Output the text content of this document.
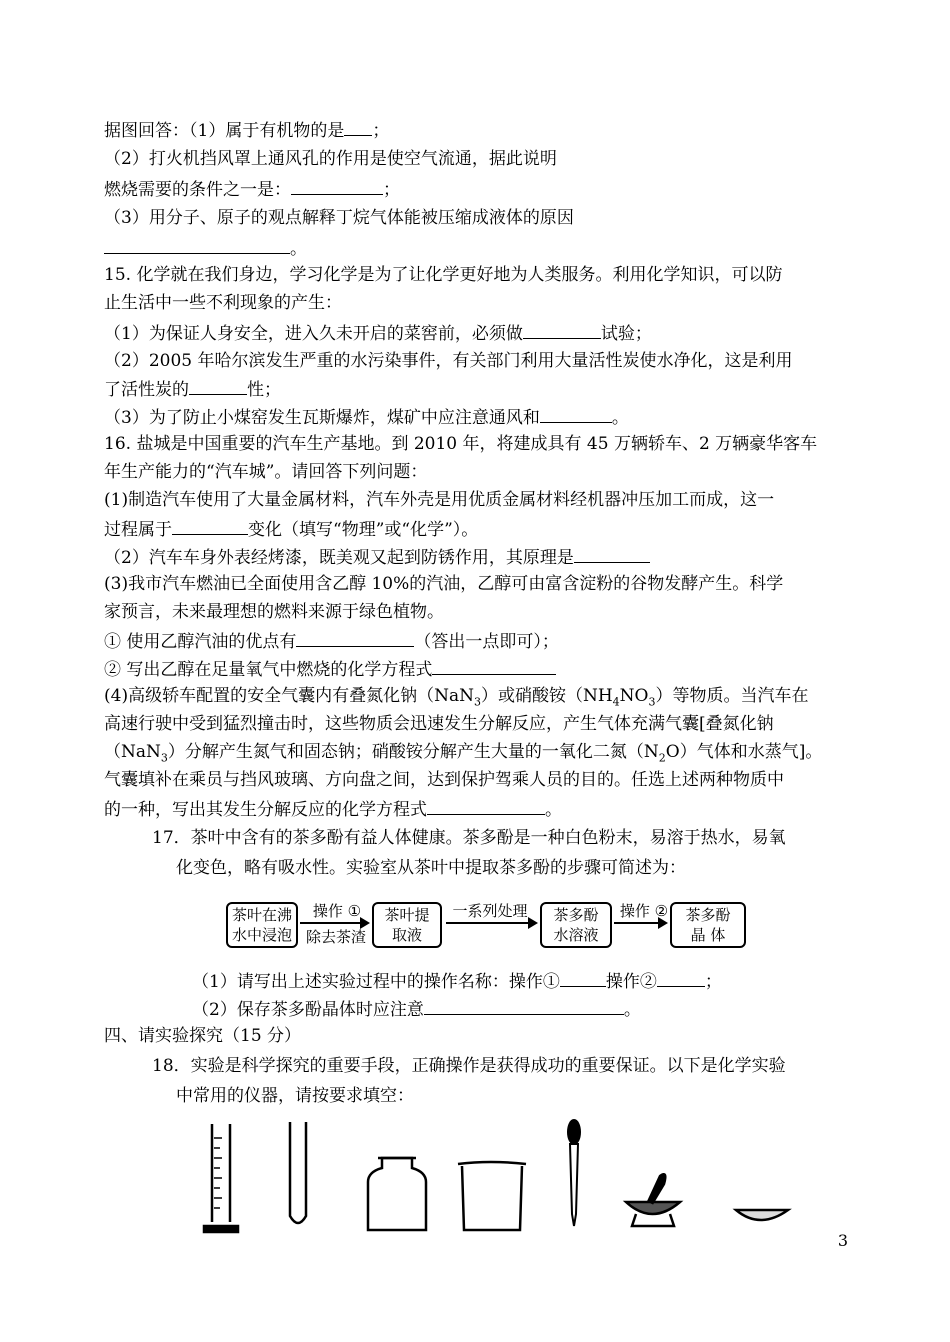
据图回答：（1）属于有机物的是 ；
（2）打火机挡风罩上通风孔的作用是使空气流通，据此说明
燃烧需要的条件之一是：	；
（3）用分子、原子的观点解释丁烷气体能被压缩成液体的原因
。
15. 化学就在我们身边，学习化学是为了让化学更好地为人类服务。利用化学知识，可以防
止生活中一些不利现象的产生：
（1）为保证人身安全，进入久未开启的菜窖前，必须做	试验；
（2）2005 年哈尔滨发生严重的水污染事件，有关部门利用大量活性炭使水净化，这是利用
了活性炭的	性；
（3）为了防止小煤窑发生瓦斯爆炸，煤矿中应注意通风和	。
16. 盐城是中国重要的汽车生产基地。到 2010 年，将建成具有 45 万辆轿车、2 万辆豪华客车
年生产能力的“汽车城”。请回答下列问题：
(1)制造汽车使用了大量金属材料，汽车外壳是用优质金属材料经机器冲压加工而成，这一
过程属于	变化（填写“物理”或“化学”）。
（2）汽车车身外表经烤漆，既美观又起到防锈作用，其原理是
(3)我市汽车燃油已全面使用含乙醇 10%的汽油，乙醇可由富含淀粉的谷物发酵产生。科学
家预言，未来最理想的燃料来源于绿色植物。
① 使用乙醇汽油的优点有	（答出一点即可）；
② 写出乙醇在足量氧气中燃烧的化学方程式
(4)高级轿车配置的安全气囊内有叠氮化钠（NaN$_3$）或硝酸铵$(NH_4NO_3)$等物质。当汽车在
高速行驶中受到猛烈撞击时，这些物质会迅速发生分解反应，产生气体充满气囊[叠氮化钠
（NaN$_3$）分解产生氮气和固态钠；硝酸铵分解产生大量的一氧化二氮$(N_2O)$气体和水蒸气]。
气囊填补在乘员与挡风玻璃、方向盘之间，达到保护驾乘人员的目的。任选上述两种物质中
的一种，写出其发生分解反应的化学方程式	。
17．茶叶中含有的茶多酚有益人体健康。茶多酚是一种白色粉末，易溶于热水，易氧
化变色，略有吸水性。实验室从茶叶中提取茶多酚的步骤可简述为：
茶叶在沸
水中浸泡
操作 ①
除去茶渣
茶叶提
取液
一系列处理	茶多酚
水溶液
操作 ②	茶多酚
晶 体
（1）请写出上述实验过程中的操作名称：操作①	操作②	；
（2）保存茶多酚晶体时应注意	。
四、请实验探究（15 分）
18．实验是科学探究的重要手段，正确操作是获得成功的重要保证。以下是化学实验
中常用的仪器，请按要求填空：
3
